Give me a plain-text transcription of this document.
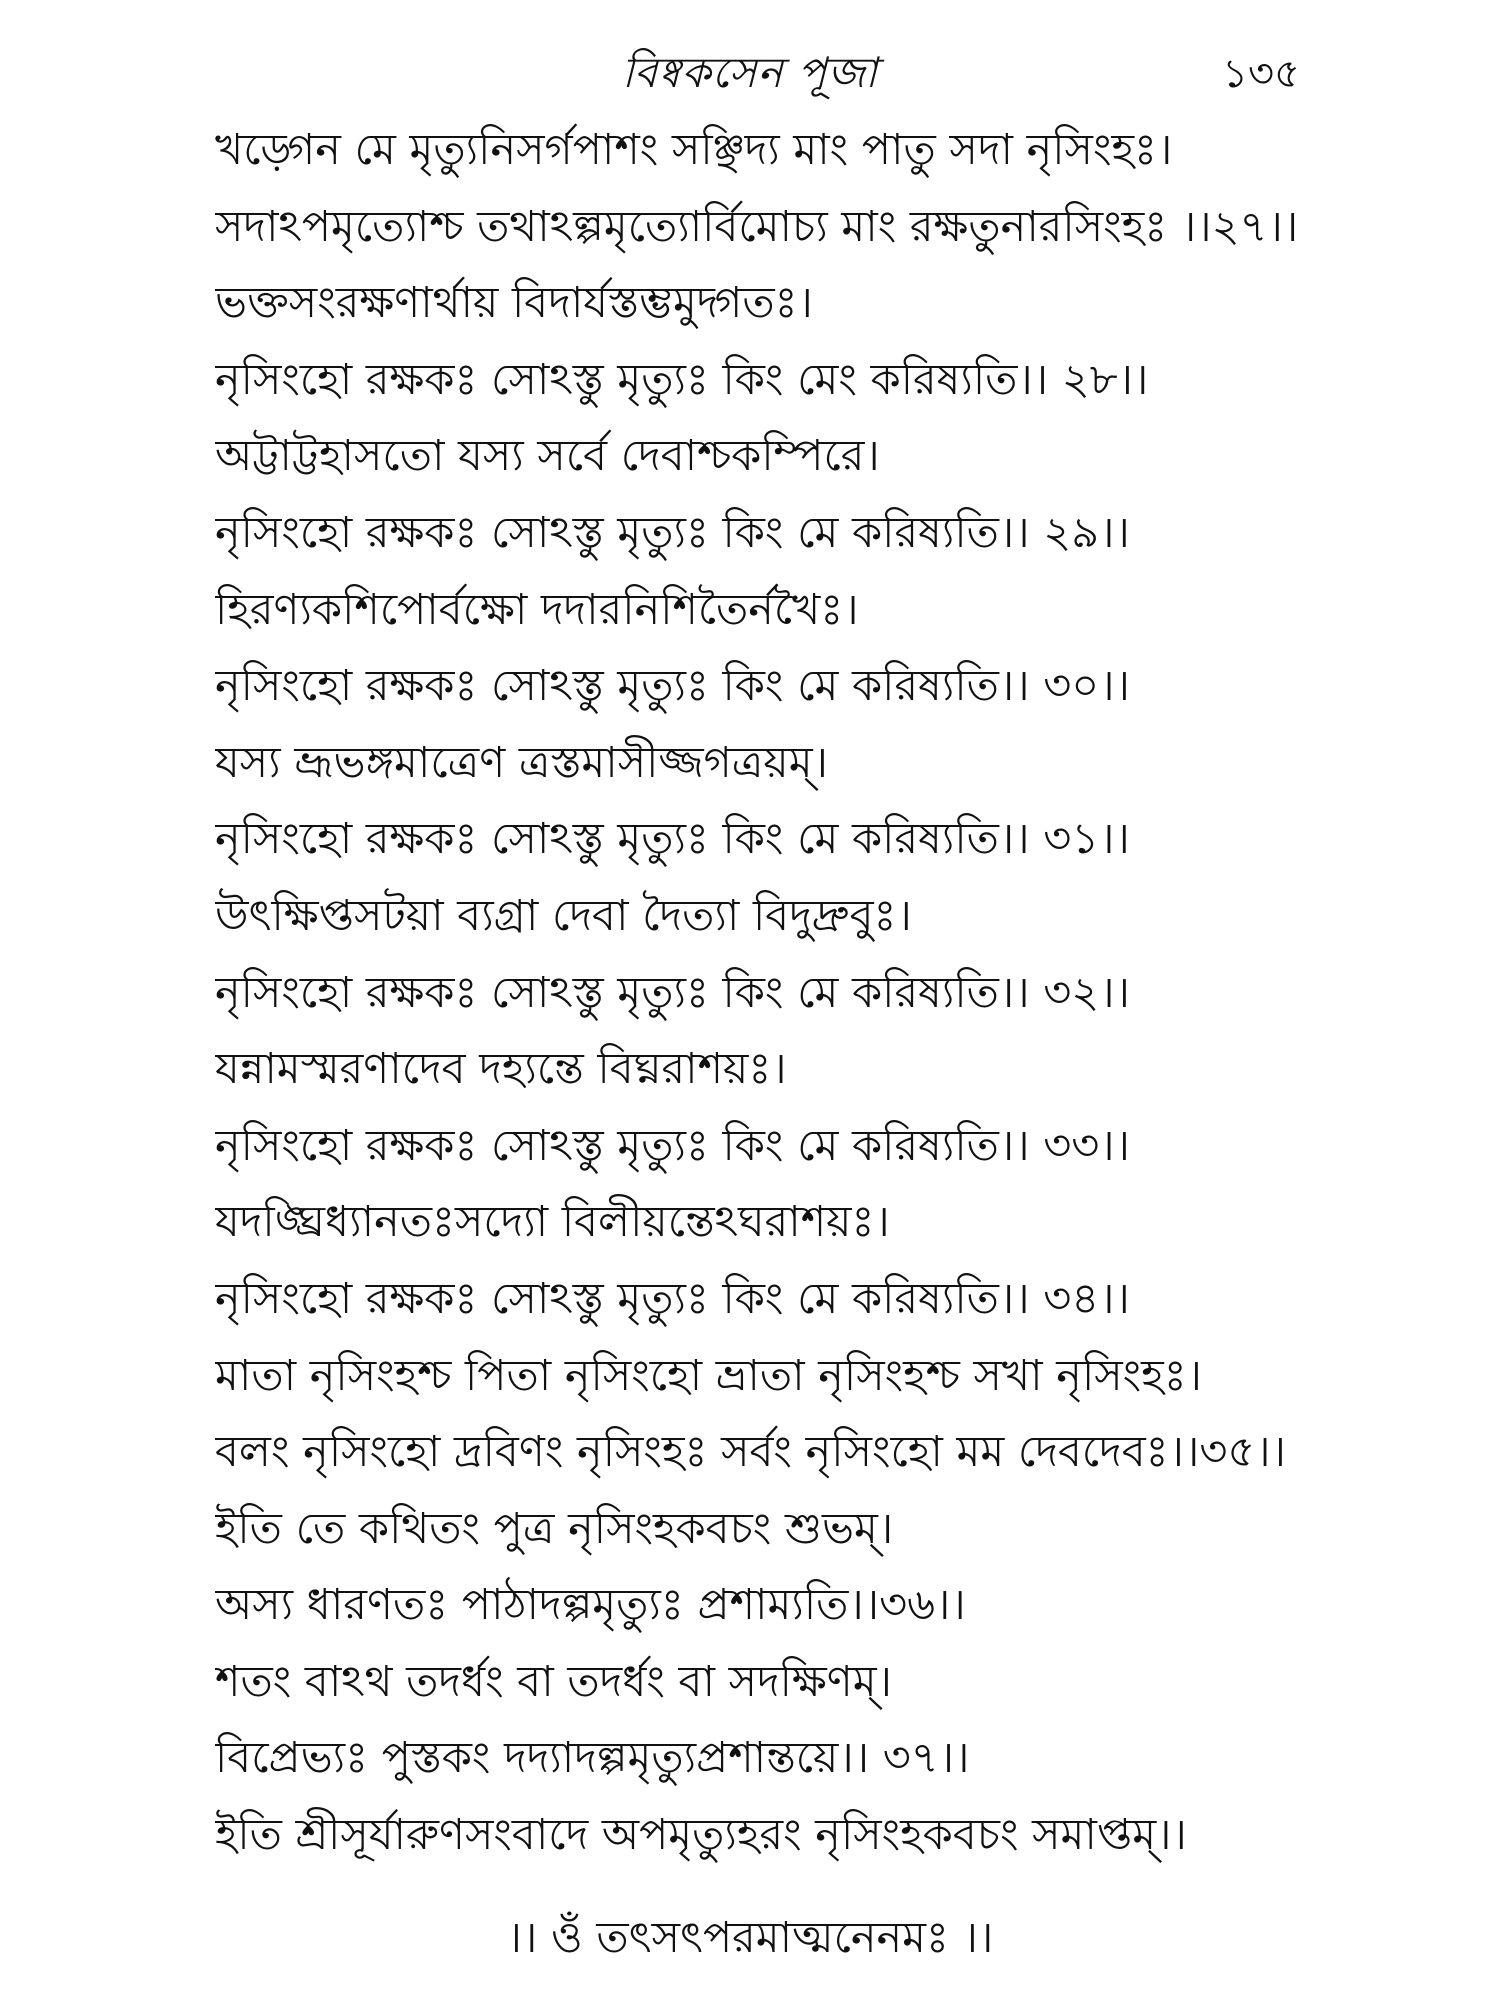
বিষ্বকসেন পূজা	১৩৫
খড়্গেন মে মৃত্যুনিসর্গপাশং সঞ্ছিদ্য মাং পাতু সদা নৃসিংহঃ।
সদাঽপমৃত্যোশ্চ তথাঽল্পমৃত্যোর্বিমোচ্য মাং রক্ষতুনারসিংহঃ ।।২৭।।
ভক্তসংরক্ষণার্থায় বিদার্যস্তম্ভমুদ্গতঃ।
নৃসিংহো রক্ষকঃ সোঽস্তু মৃত্যুঃ কিং মেং করিষ্যতি।। ২৮।।
অট্টাট্টহাসতো যস্য সর্বে দেবাশ্চকম্পিরে।
নৃসিংহো রক্ষকঃ সোঽস্তু মৃত্যুঃ কিং মে করিষ্যতি।। ২৯।।
হিরণ্যকশিপোর্বক্ষো দদারনিশিতৈর্নখৈঃ।
নৃসিংহো রক্ষকঃ সোঽস্তু মৃত্যুঃ কিং মে করিষ্যতি।। ৩০।।
যস্য ভ্রূভঙ্গমাত্রেণ ত্রস্তমাসীজ্জগত্রয়ম্।
নৃসিংহো রক্ষকঃ সোঽস্তু মৃত্যুঃ কিং মে করিষ্যতি।। ৩১।।
উৎক্ষিপ্তসটয়া ব্যগ্রা দেবা দৈত্যা বিদুদ্রুবুঃ।
নৃসিংহো রক্ষকঃ সোঽস্তু মৃত্যুঃ কিং মে করিষ্যতি।। ৩২।।
যন্নামস্মরণাদেব দহ্যন্তে বিঘ্নরাশয়ঃ।
নৃসিংহো রক্ষকঃ সোঽস্তু মৃত্যুঃ কিং মে করিষ্যতি।। ৩৩।।
যদঙ্ঘ্রিধ্যানতঃসদ্যো বিলীয়ন্তেঽঘরাশয়ঃ।
নৃসিংহো রক্ষকঃ সোঽস্তু মৃত্যুঃ কিং মে করিষ্যতি।। ৩৪।।
মাতা নৃসিংহশ্চ পিতা নৃসিংহো ভ্রাতা নৃসিংহশ্চ সখা নৃসিংহঃ।
বলং নৃসিংহো দ্রবিণং নৃসিংহঃ সর্বং নৃসিংহো মম দেবদেবঃ।।৩৫।।
ইতি তে কথিতং পুত্র নৃসিংহকবচং শুভম্।
অস্য ধারণতঃ পাঠাদল্পমৃত্যুঃ প্রশাম্যতি।।৩৬।।
শতং বাঽথ তদর্ধং বা তদর্ধং বা সদক্ষিণম্।
বিপ্রেভ্যঃ পুস্তকং দদ্যাদল্পমৃত্যুপ্রশান্তয়ে।। ৩৭।।
ইতি শ্রীসূর্যারুণসংবাদে অপমৃত্যুহরং নৃসিংহকবচং সমাপ্তম্।।
।। ওঁ তৎসৎপরমাত্মনেনমঃ ।।
